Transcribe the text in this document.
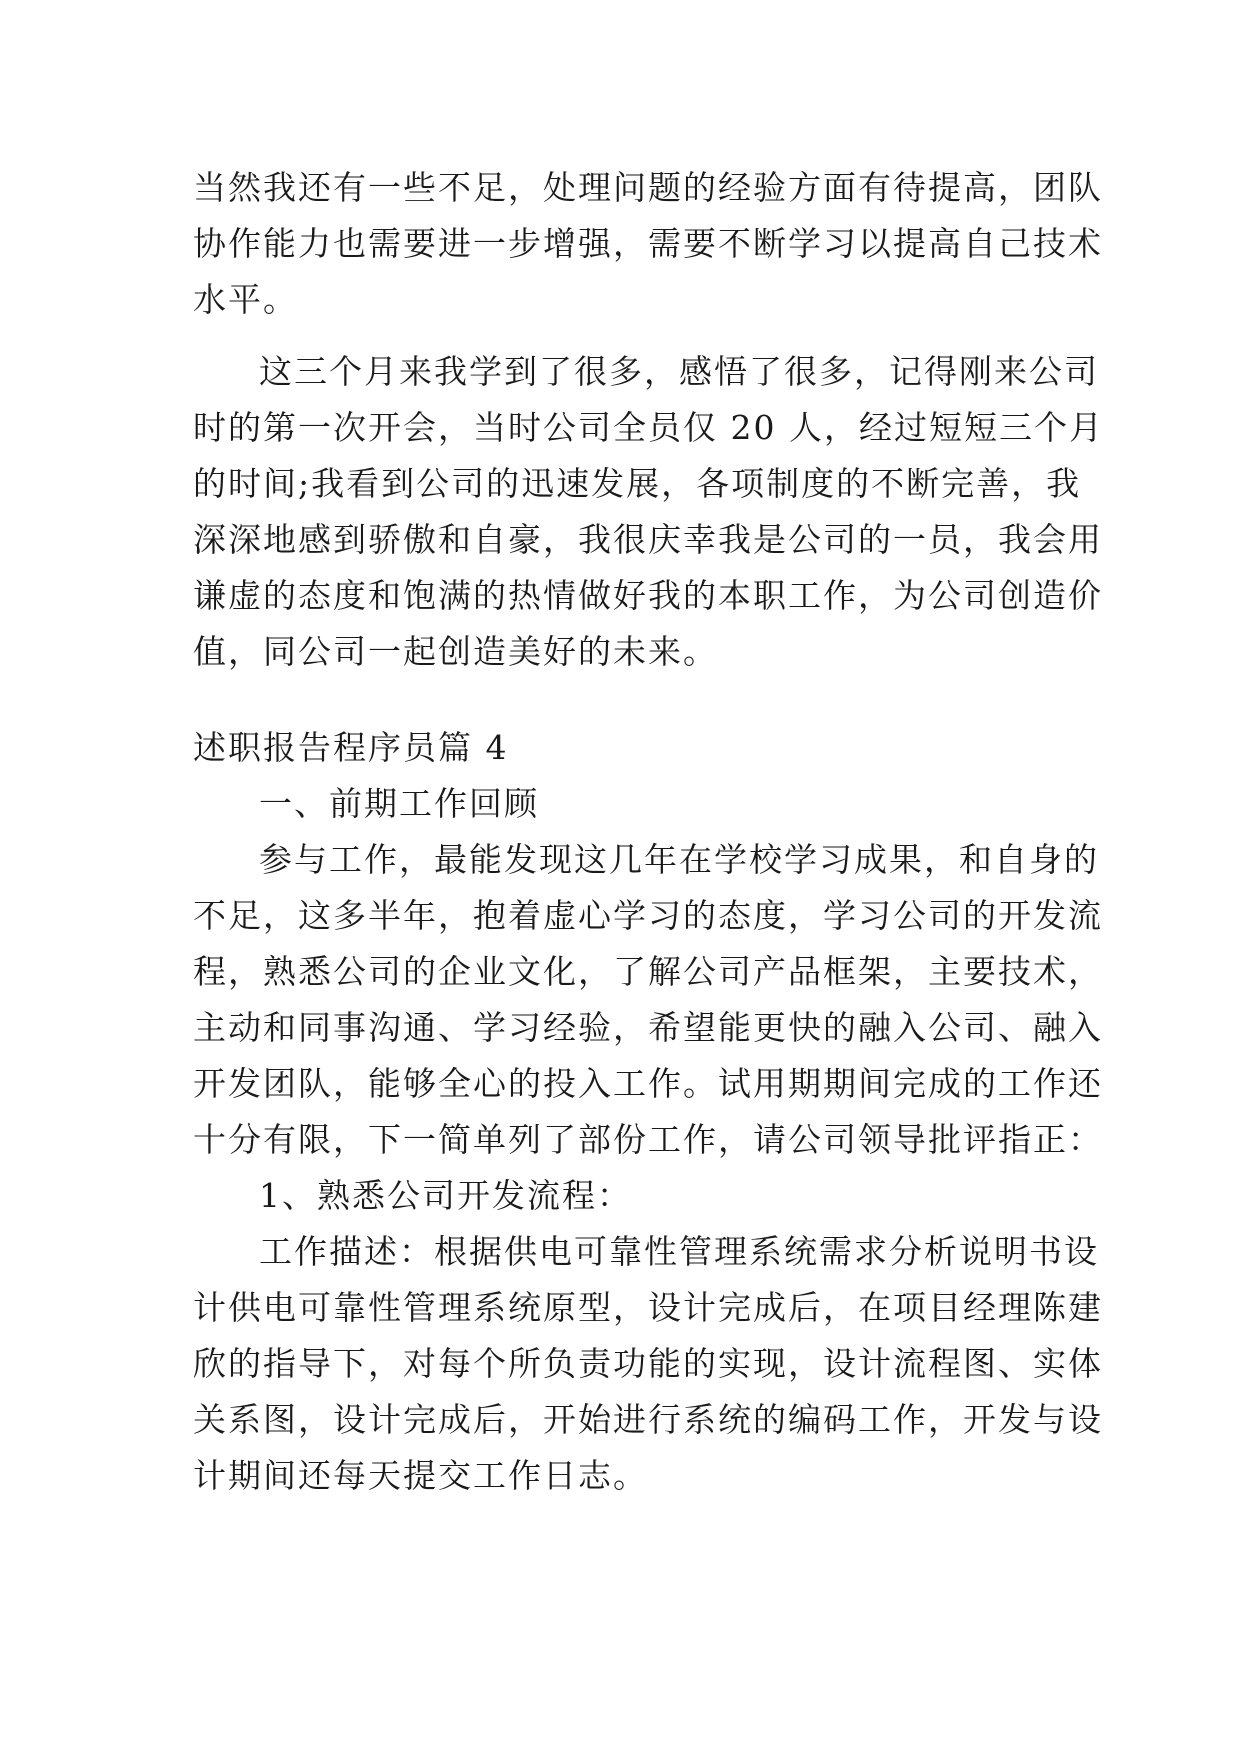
当然我还有一些不足，处理问题的经验方面有待提高，团队
协作能力也需要进一步增强，需要不断学习以提高自己技术
水平。
这三个月来我学到了很多，感悟了很多，记得刚来公司
时的第一次开会，当时公司全员仅 20 人，经过短短三个月
的时间;我看到公司的迅速发展，各项制度的不断完善，我
深深地感到骄傲和自豪，我很庆幸我是公司的一员，我会用
谦虚的态度和饱满的热情做好我的本职工作，为公司创造价
值，同公司一起创造美好的未来。
述职报告程序员篇 4
一、前期工作回顾
参与工作，最能发现这几年在学校学习成果，和自身的
不足，这多半年，抱着虚心学习的态度，学习公司的开发流
程，熟悉公司的企业文化，了解公司产品框架，主要技术，
主动和同事沟通、学习经验，希望能更快的融入公司、融入
开发团队，能够全心的投入工作。试用期期间完成的工作还
十分有限，下一简单列了部份工作，请公司领导批评指正：
1、熟悉公司开发流程：
工作描述：根据供电可靠性管理系统需求分析说明书设
计供电可靠性管理系统原型，设计完成后，在项目经理陈建
欣的指导下，对每个所负责功能的实现，设计流程图、实体
关系图，设计完成后，开始进行系统的编码工作，开发与设
计期间还每天提交工作日志。
